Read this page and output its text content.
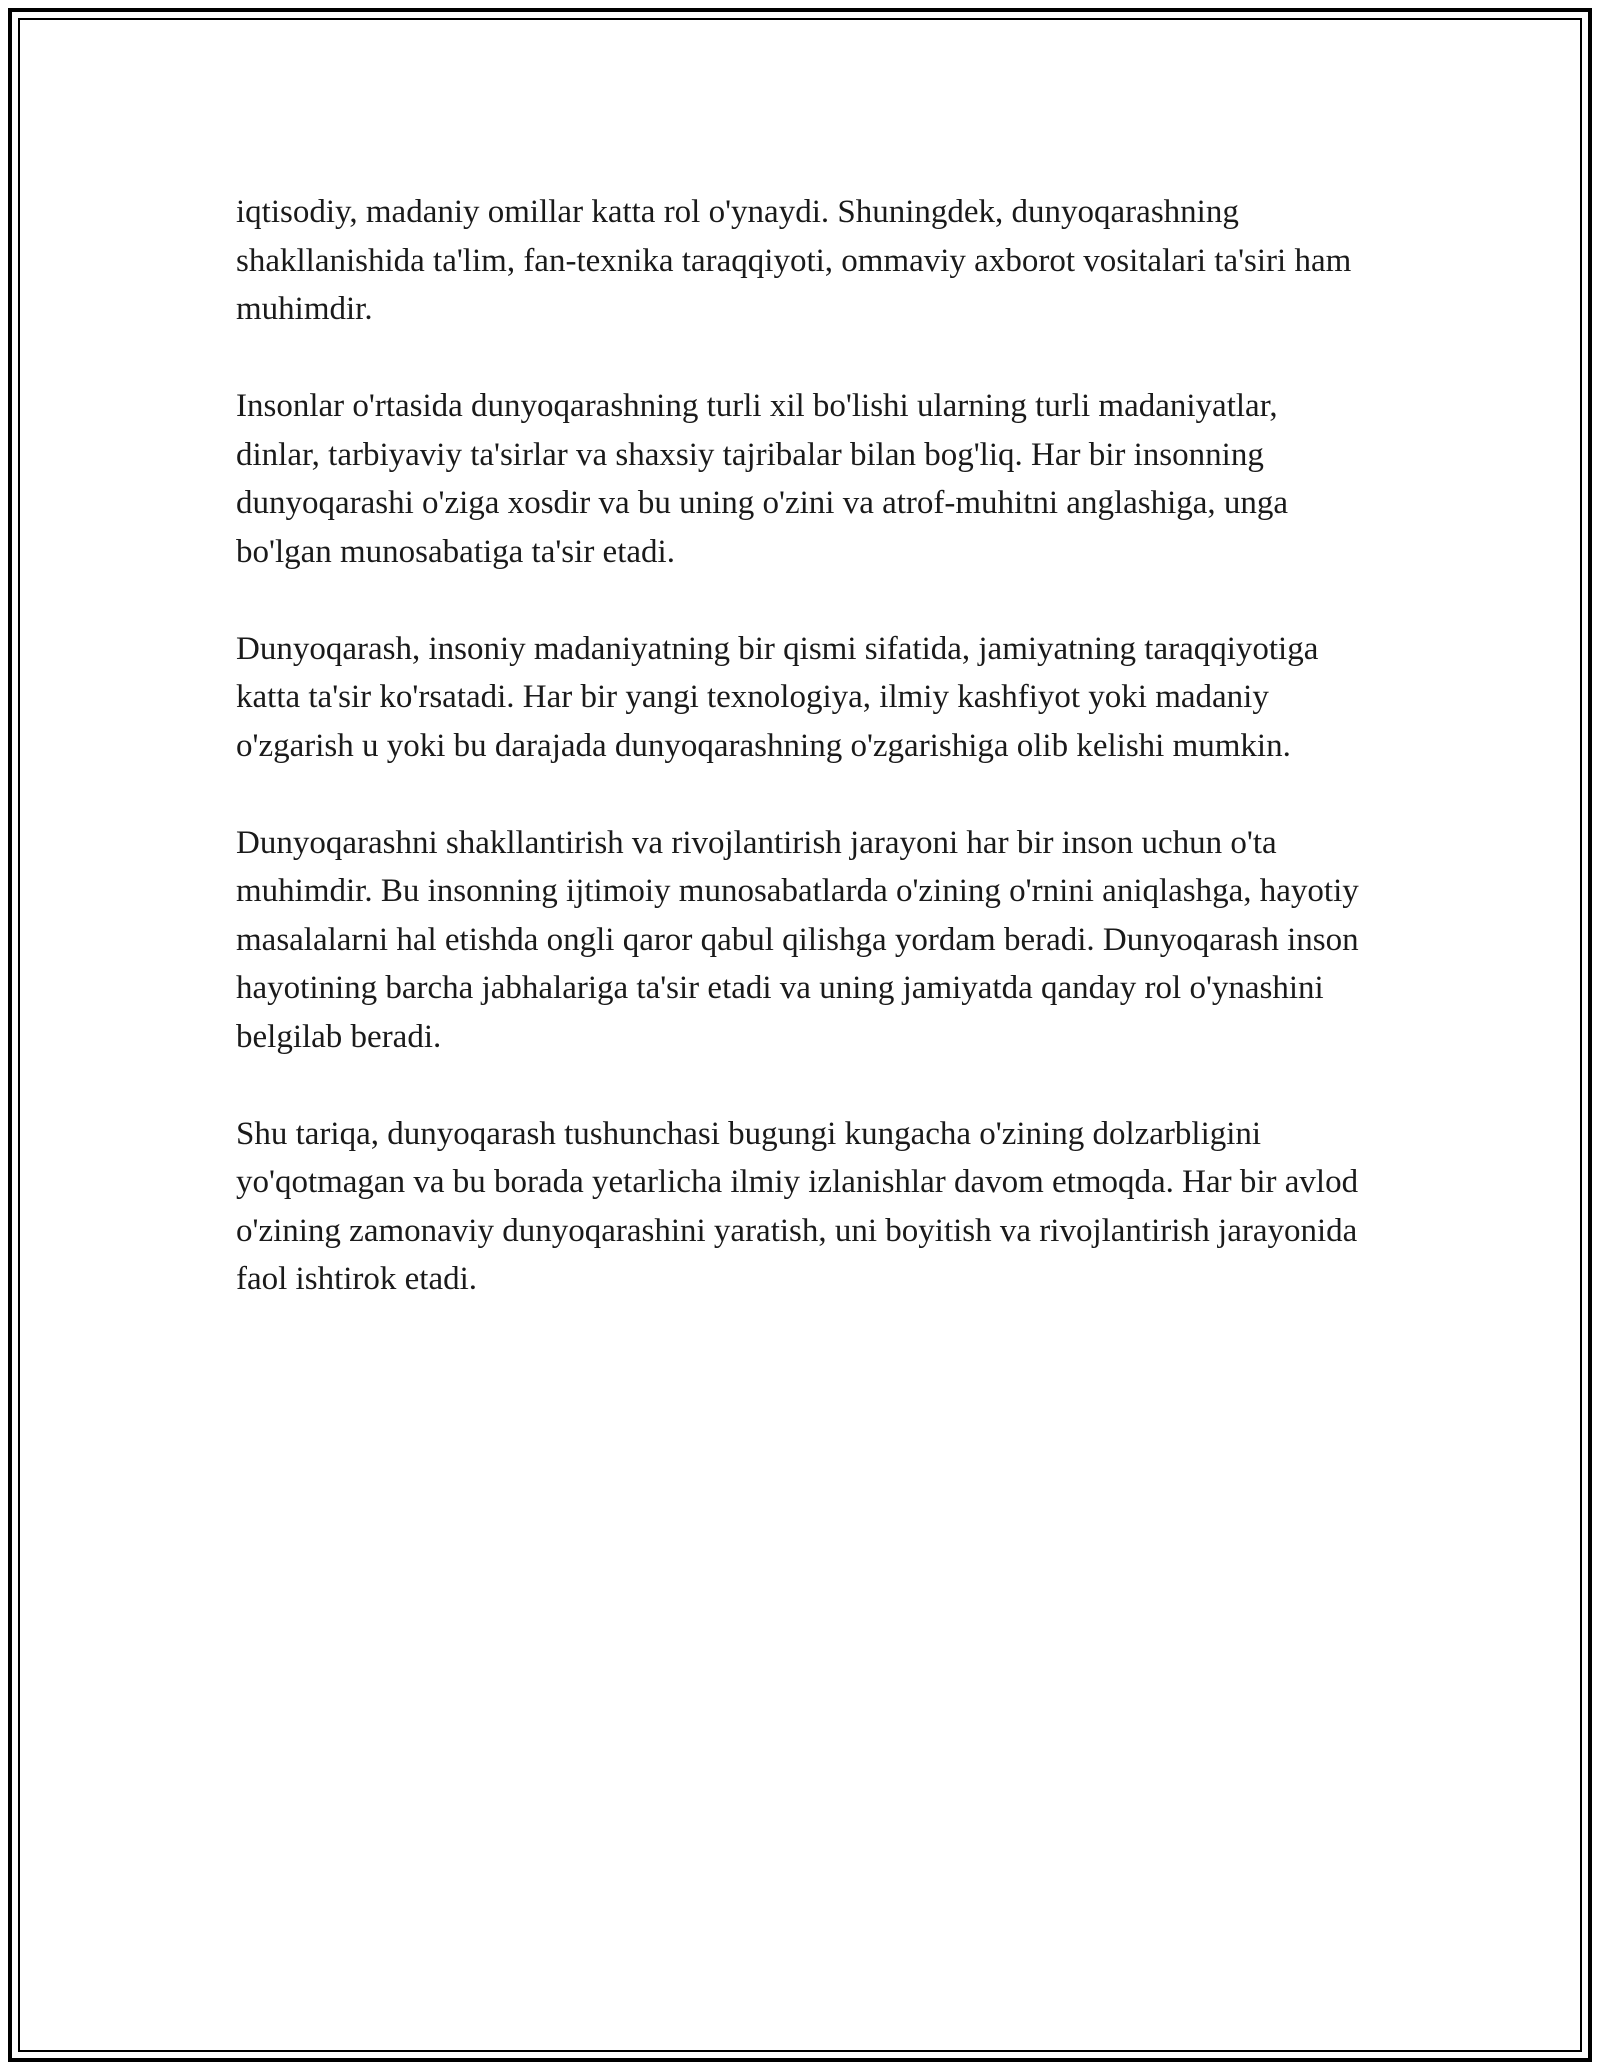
iqtisodiy, madaniy omillar katta rol o'ynaydi. Shuningdek, dunyoqarashning shakllanishida ta'lim, fan-texnika taraqqiyoti, ommaviy axborot vositalari ta'siri ham muhimdir.

Insonlar o'rtasida dunyoqarashning turli xil bo'lishi ularning turli madaniyatlar, dinlar, tarbiyaviy ta'sirlar va shaxsiy tajribalar bilan bog'liq. Har bir insonning dunyoqarashi o'ziga xosdir va bu uning o'zini va atrof-muhitni anglashiga, unga bo'lgan munosabatiga ta'sir etadi.

Dunyoqarash, insoniy madaniyatning bir qismi sifatida, jamiyatning taraqqiyotiga katta ta'sir ko'rsatadi. Har bir yangi texnologiya, ilmiy kashfiyot yoki madaniy o'zgarish u yoki bu darajada dunyoqarashning o'zgarishiga olib kelishi mumkin.

Dunyoqarashni shakllantirish va rivojlantirish jarayoni har bir inson uchun o'ta muhimdir. Bu insonning ijtimoiy munosabatlarda o'zining o'rnini aniqlashga, hayotiy masalalarni hal etishda ongli qaror qabul qilishga yordam beradi. Dunyoqarash inson hayotining barcha jabhalariga ta'sir etadi va uning jamiyatda qanday rol o'ynashini belgilab beradi.

Shu tariqa, dunyoqarash tushunchasi bugungi kungacha o'zining dolzarbligini yo'qotmagan va bu borada yetarlicha ilmiy izlanishlar davom etmoqda. Har bir avlod o'zining zamonaviy dunyoqarashini yaratish, uni boyitish va rivojlantirish jarayonida faol ishtirok etadi.
